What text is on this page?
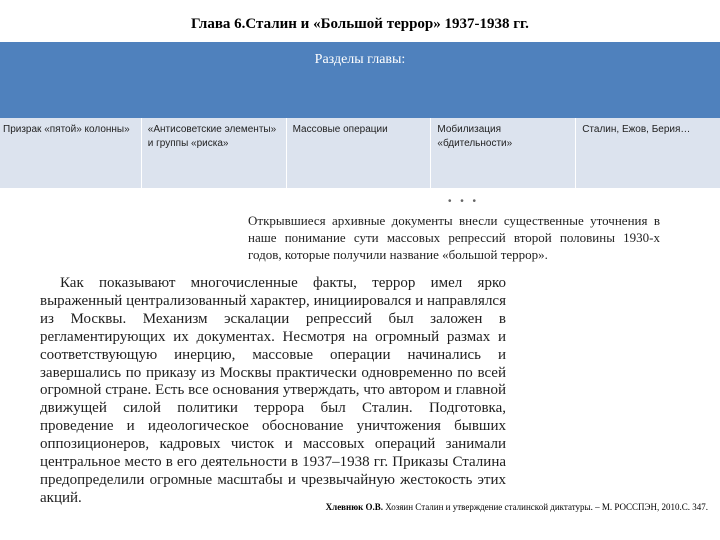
Глава 6.Сталин и «Большой террор» 1937-1938 гг.
Разделы главы:
Призрак «пятой» колонны»	«Антисоветские элементы» и группы «риска»
Массовые операции	Мобилизация «бдительности»
Сталин, Ежов, Берия…
• • •
Открывшиеся архивные документы внесли существенные уточнения в наше понимание сути массовых репрессий второй половины 1930-х годов, которые получили название «большой террор».
Как показывают многочисленные факты, террор имел ярко выраженный централизованный характер, инициировался и направлялся из Москвы. Механизм эскалации репрессий был заложен в регламентирующих их документах. Несмотря на огромный размах и соответствующую инерцию, массовые операции начинались и завершались по приказу из Москвы практически одновременно по всей огромной стране. Есть все основания утверждать, что автором и главной движущей силой политики террора был Сталин. Подготовка, проведение и идеологическое обоснование уничтожения бывших оппозиционеров, кадровых чисток и массовых операций занимали центральное место в его деятельности в 1937–1938 гг. Приказы Сталина предопределили огромные масштабы и чрезвычайную жестокость этих акций.
Хлевнюк О.В. Хозяин Сталин и утверждение сталинской диктатуры. – М. РОССПЭН, 2010.С. 347.
